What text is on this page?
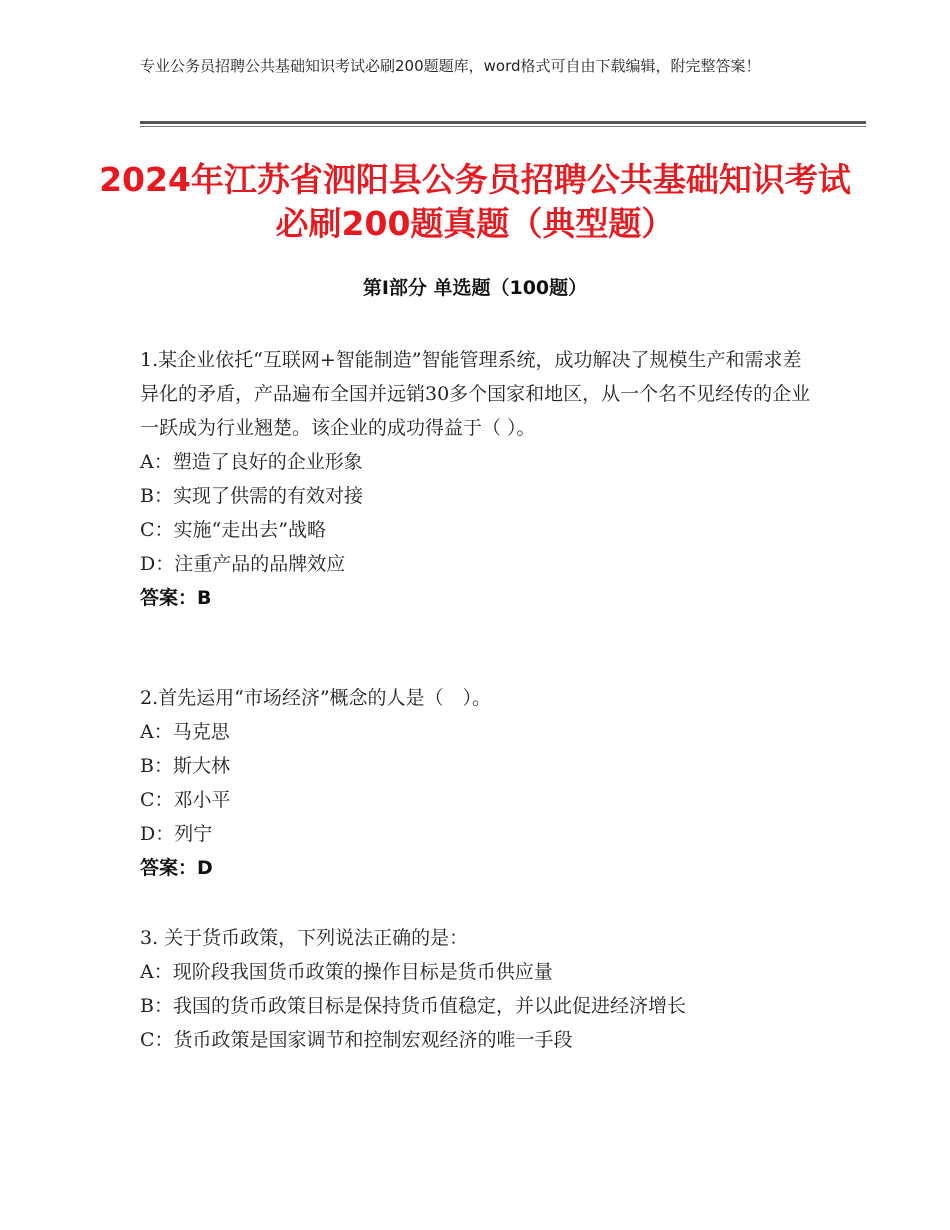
专业公务员招聘公共基础知识考试必刷200题题库，word格式可自由下载编辑，附完整答案！
2024年江苏省泗阳县公务员招聘公共基础知识考试必刷200题真题（典型题）
第Ⅰ部分 单选题（100题）
1.某企业依托“互联网+智能制造”智能管理系统，成功解决了规模生产和需求差异化的矛盾，产品遍布全国并远销30多个国家和地区，从一个名不见经传的企业一跃成为行业翘楚。该企业的成功得益于（ ）。
A：塑造了良好的企业形象
B：实现了供需的有效对接
C：实施“走出去”战略
D：注重产品的品牌效应
答案：B
2.首先运用“市场经济”概念的人是（　）。
A：马克思
B：斯大林
C：邓小平
D：列宁
答案：D
3. 关于货币政策，下列说法正确的是：
A：现阶段我国货币政策的操作目标是货币供应量
B：我国的货币政策目标是保持货币值稳定，并以此促进经济增长
C：货币政策是国家调节和控制宏观经济的唯一手段
